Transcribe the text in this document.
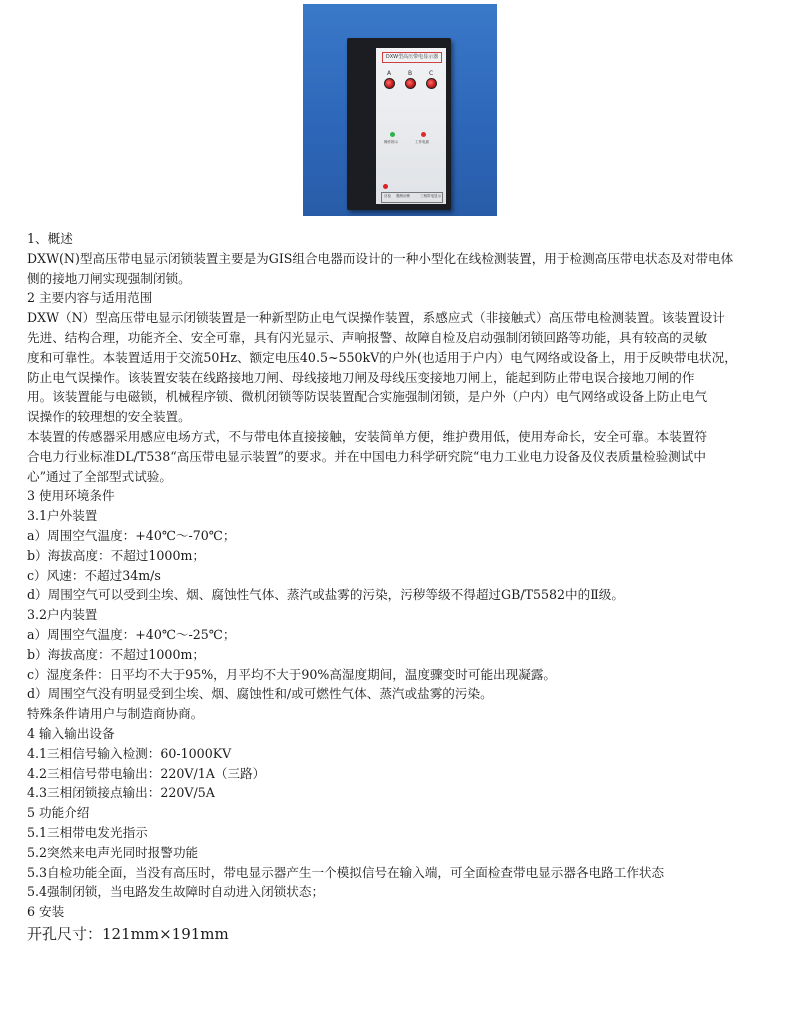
DXW型高压带电显示器
A	B	C
操作指示	工作电源
自检 强制闭锁	三相带电显示
1、概述
DXW(N)型高压带电显示闭锁装置主要是为GIS组合电器而设计的一种小型化在线检测装置，用于检测高压带电状态及对带电体
侧的接地刀闸实现强制闭锁。
2 主要内容与适用范围
DXW（N）型高压带电显示闭锁装置是一种新型防止电气误操作装置，系感应式（非接触式）高压带电检测装置。该装置设计
先进、结构合理，功能齐全、安全可靠，具有闪光显示、声响报警、故障自检及启动强制闭锁回路等功能，具有较高的灵敏
度和可靠性。本装置适用于交流50Hz、额定电压40.5~550kV的户外(也适用于户内）电气网络或设备上，用于反映带电状况，
防止电气误操作。该装置安装在线路接地刀闸、母线接地刀闸及母线压变接地刀闸上，能起到防止带电误合接地刀闸的作
用。该装置能与电磁锁，机械程序锁、微机闭锁等防误装置配合实施强制闭锁，是户外（户内）电气网络或设备上防止电气
误操作的较理想的安全装置。
本装置的传感器采用感应电场方式，不与带电体直接接触，安装简单方便，维护费用低，使用寿命长，安全可靠。本装置符
合电力行业标准DL/T538“高压带电显示装置”的要求。并在中国电力科学研究院“电力工业电力设备及仪表质量检验测试中
心”通过了全部型式试验。
3 使用环境条件
3.1户外装置
a）周围空气温度：+40℃～-70℃；
b）海拔高度：不超过1000m；
c）风速：不超过34m/s
d）周围空气可以受到尘埃、烟、腐蚀性气体、蒸汽或盐雾的污染，污秽等级不得超过GB/T5582中的Ⅱ级。
3.2户内装置
a）周围空气温度：+40℃～-25℃；
b）海拔高度：不超过1000m；
c）湿度条件：日平均不大于95%，月平均不大于90%高湿度期间，温度骤变时可能出现凝露。
d）周围空气没有明显受到尘埃、烟、腐蚀性和/或可燃性气体、蒸汽或盐雾的污染。
特殊条件请用户与制造商协商。
4 输入输出设备
4.1三相信号输入检测：60-1000KV
4.2三相信号带电输出：220V/1A（三路）
4.3三相闭锁接点输出：220V/5A
5 功能介绍
5.1三相带电发光指示
5.2突然来电声光同时报警功能
5.3自检功能全面，当没有高压时，带电显示器产生一个模拟信号在输入端，可全面检查带电显示器各电路工作状态
5.4强制闭锁，当电路发生故障时自动进入闭锁状态；
6 安装
开孔尺寸：121mm×191mm
